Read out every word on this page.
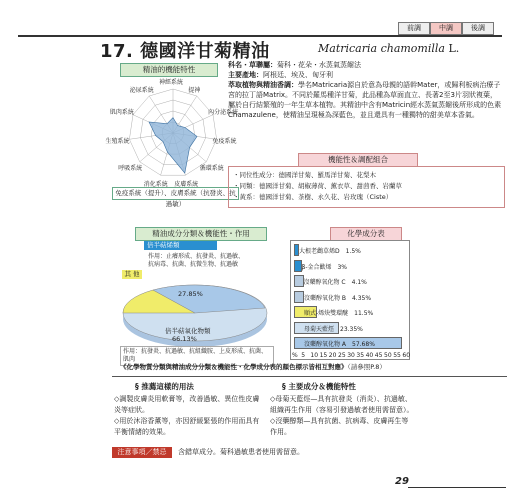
前調	中調	後調
17. 德國洋甘菊精油	Matricaria chamomilla L.
精油的機能特性
神經系統
提神
內分泌系統
免疫系統
循環系統
皮膚系統
消化系統
呼吸系統
生殖系統
肌肉系統
泌尿系統
免疫系統（提升）、皮膚系統（抗發炎、抗過敏）
科名・草聯屬：菊科・花朵・水蒸氣蒸餾法
主要產地：阿根廷、埃及、匈牙利
萃取植物與精油香調：學名Matricaria源自於意為母親的語幹Mater，或歸利板病治療子宮的拉丁語Matrix。不同於羅馬種洋甘菊，此品種為草面直立、長著2至3片羽狀複葉，屬於自行結繁殖的一年生草本植物。其精油中含有Matricin經水蒸氣蒸餾後所形成的色素Chamazulene，使精油呈現極為深藍色，並且還具有一種獨特的甜美草本香氣。
機能性＆調配組合
・同位性成分：德國洋甘菊、羅馬洋甘菊、花梨木
・同類：德國洋甘菊、胡椒薄荷、薰衣草、甜茴香、岩蘭草
・黃系：德國洋甘菊、茶樹、永久花、岩玫瑰（Ciste）
精油成分分類＆機能性・作用
倍半萜烯類
作用：止癢形成、抗發炎、抗過敏、抗病毒、抗菌、抗微生物、抗過敏
其 他
27.85%
倍半萜氧化物類
66.13%
作用：抗發炎、抗過敏、抗組織胺、上皮形成、抗菌、肌肉
化學成分表
大根老鸛草烯D　1.5%
β-金合歡烯　3%
沒藥醇氧化物 C　4.1%
沒藥醇氧化物 B　4.35%
順式-烯炔雙環醚　11.5%
母菊天藍烴　23.35%
沒藥醇氧化物 A　57.68%
% 5 10 15 20 25 30 35 40 45 50 55 60
《化學物質分類與精油成分分類＆機能性・化學成分表的顏色標示皆相互對應》（請參照P.8）
§ 推薦這樣的用法
◇調製皮膚炎用軟膏等，改善過敏、異位性皮膚炎等症狀。
◇用於沐浴香薰等，亦因舒緩緊張的作用而具有平衡情緒的效果。
§ 主要成分＆機能特性
◇母菊天藍烴—具有抗發炎（消炎）、抗過敏、組織再生作用（容易引發過敏者使用需留意）。
◇沒藥醇類—具有抗菌、抗病毒、皮膚再生等作用。
注意事項／禁忌	含錯草成分。菊科過敏患者使用需留意。
29
